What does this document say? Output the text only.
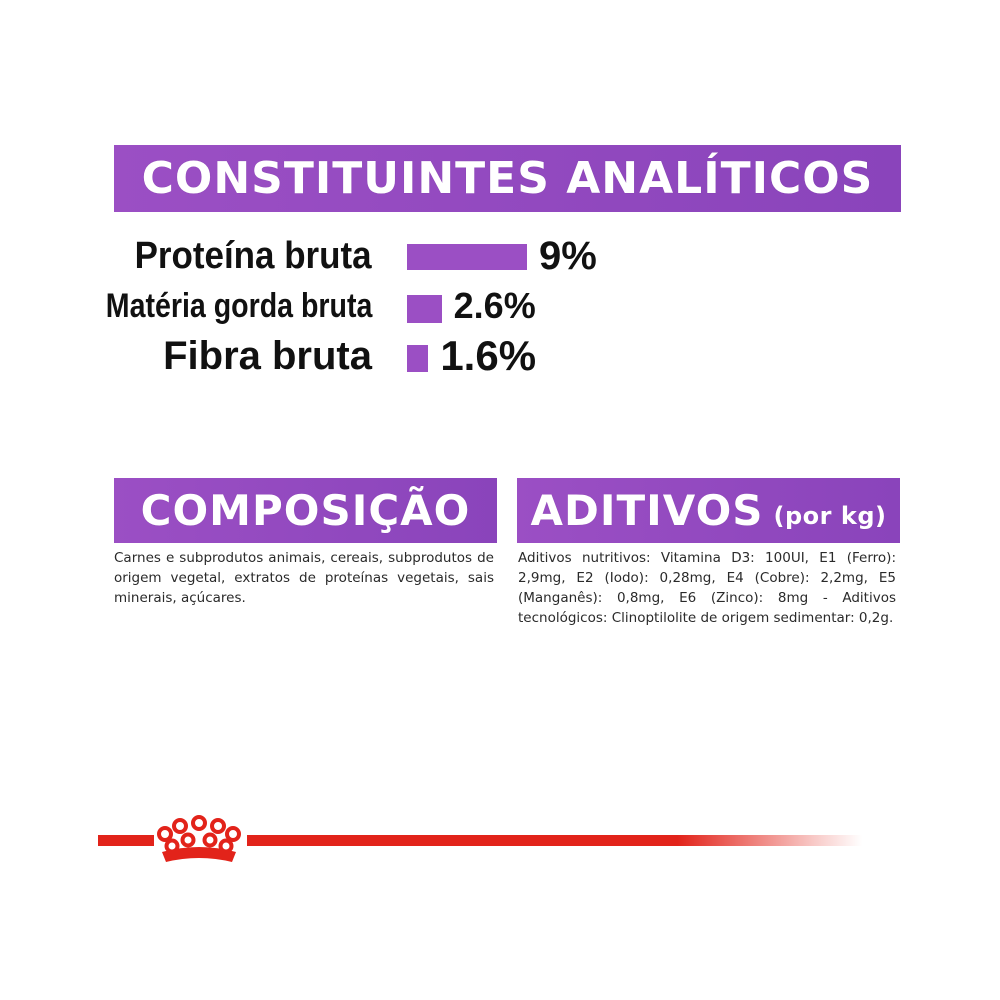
CONSTITUINTES ANALÍTICOS
Proteína bruta	9%
Matéria gorda bruta 2.6%
Fibra bruta 1.6%
COMPOSIÇÃO
Carnes e subprodutos animais, cereais, subprodutos de origem vegetal, extratos de proteínas vegetais, sais minerais, açúcares.
ADITIVOS (por kg)
Aditivos nutritivos: Vitamina D3: 100UI, E1 (Ferro): 2,9mg, E2 (Iodo): 0,28mg, E4 (Cobre): 2,2mg, E5 (Manganês): 0,8mg, E6 (Zinco): 8mg - Aditivos tecnológicos: Clinoptilolite de origem sedimentar: 0,2g.
